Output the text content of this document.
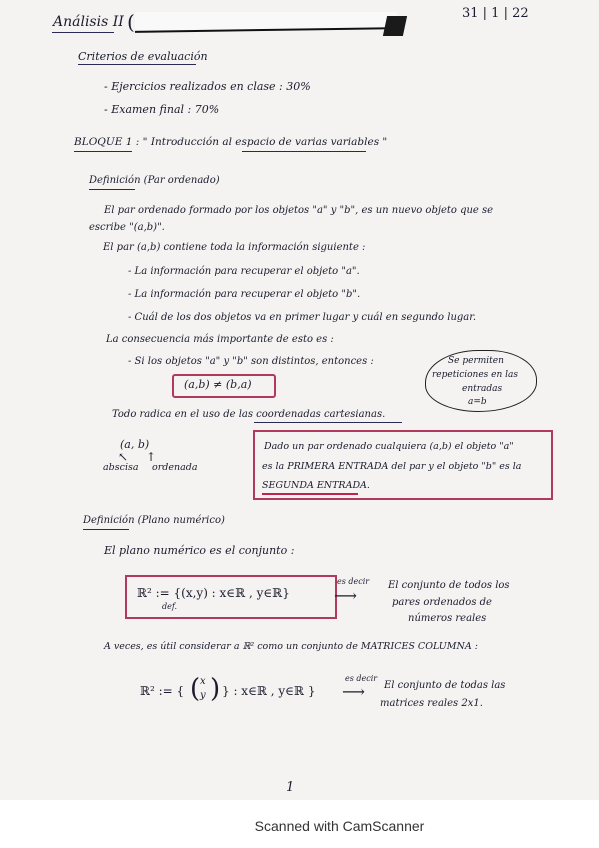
Análisis II (	31 | 1 | 22
Criterios de evaluación
- Ejercicios realizados en clase : 30%
- Examen final : 70%
BLOQUE 1 : " Introducción al espacio de varias variables "
Definición (Par ordenado)
El par ordenado formado por los objetos "a" y "b", es un nuevo objeto que se
escribe "(a,b)".
El par (a,b) contiene toda la información siguiente :
- La información para recuperar el objeto "a".
- La información para recuperar el objeto "b".
- Cuál de los dos objetos va en primer lugar y cuál en segundo lugar.
La consecuencia más importante de esto es :
- Si los objetos "a" y "b" son distintos, entonces :
(a,b) ≠ (b,a)
Se permiten
repeticiones en las
entradas
a=b
Todo radica en el uso de las coordenadas cartesianas.
(a, b)
↖ ↑
abscisa ordenada
Dado un par ordenado cualquiera (a,b) el objeto "a"
es la PRIMERA ENTRADA del par y el objeto "b" es la
SEGUNDA ENTRADA.
Definición (Plano numérico)
El plano numérico es el conjunto :
ℝ² := {(x,y) : x∈ℝ , y∈ℝ}
def.
es decir
⟶
El conjunto de todos los
pares ordenados de
números reales
A veces, es útil considerar a ℝ² como un conjunto de MATRICES COLUMNA :
ℝ² := { ( x
y ) } : x∈ℝ , y∈ℝ }
es decir
⟶ El conjunto de todas las
matrices reales 2x1.
1
Scanned with CamScanner
